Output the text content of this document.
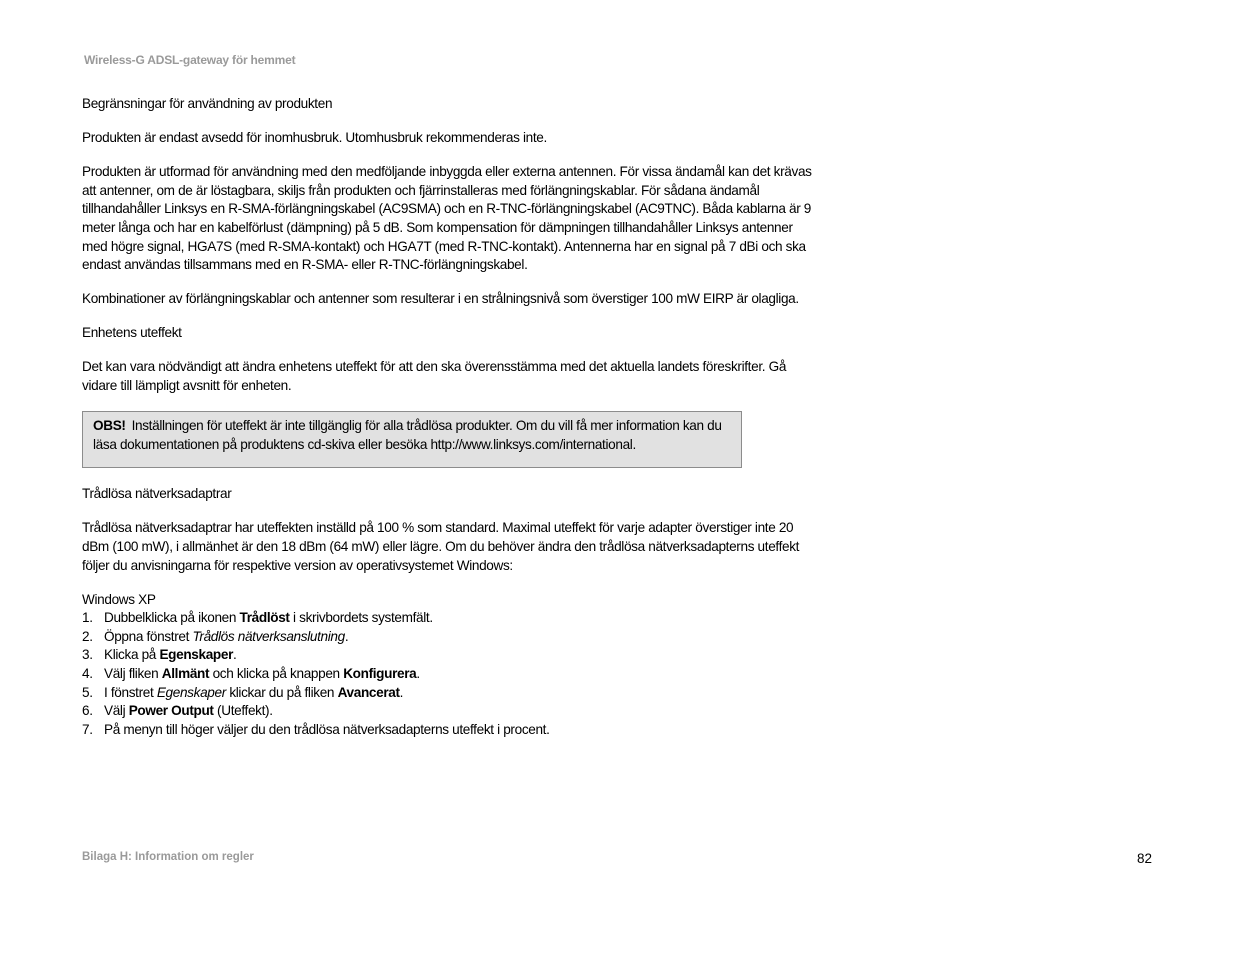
Wireless-G ADSL-gateway för hemmet

Begränsningar för användning av produkten

Produkten är endast avsedd för inomhusbruk. Utomhusbruk rekommenderas inte.

Produkten är utformad för användning med den medföljande inbyggda eller externa antennen. För vissa ändamål kan det krävas att antenner, om de är löstagbara, skiljs från produkten och fjärrinstalleras med förlängningskablar. För sådana ändamål tillhandahåller Linksys en R-SMA-förlängningskabel (AC9SMA) och en R-TNC-förlängningskabel (AC9TNC). Båda kablarna är 9 meter långa och har en kabelförlust (dämpning) på 5 dB. Som kompensation för dämpningen tillhandahåller Linksys antenner med högre signal, HGA7S (med R-SMA-kontakt) och HGA7T (med R-TNC-kontakt). Antennerna har en signal på 7 dBi och ska endast användas tillsammans med en R-SMA- eller R-TNC-förlängningskabel.

Kombinationer av förlängningskablar och antenner som resulterar i en strålningsnivå som överstiger 100 mW EIRP är olagliga.

Enhetens uteffekt

Det kan vara nödvändigt att ändra enhetens uteffekt för att den ska överensstämma med det aktuella landets föreskrifter. Gå vidare till lämpligt avsnitt för enheten.

OBS! Inställningen för uteffekt är inte tillgänglig för alla trådlösa produkter. Om du vill få mer information kan du läsa dokumentationen på produktens cd-skiva eller besöka http://www.linksys.com/international.

Trådlösa nätverksadaptrar

Trådlösa nätverksadaptrar har uteffekten inställd på 100 % som standard. Maximal uteffekt för varje adapter överstiger inte 20 dBm (100 mW), i allmänhet är den 18 dBm (64 mW) eller lägre. Om du behöver ändra den trådlösa nätverksadapterns uteffekt följer du anvisningarna för respektive version av operativsystemet Windows:

Windows XP
1. Dubbelklicka på ikonen Trådlöst i skrivbordets systemfält.
2. Öppna fönstret Trådlös nätverksanslutning.
3. Klicka på Egenskaper.
4. Välj fliken Allmänt och klicka på knappen Konfigurera.
5. I fönstret Egenskaper klickar du på fliken Avancerat.
6. Välj Power Output (Uteffekt).
7. På menyn till höger väljer du den trådlösa nätverksadapterns uteffekt i procent.
Bilaga H: Information om regler	82
